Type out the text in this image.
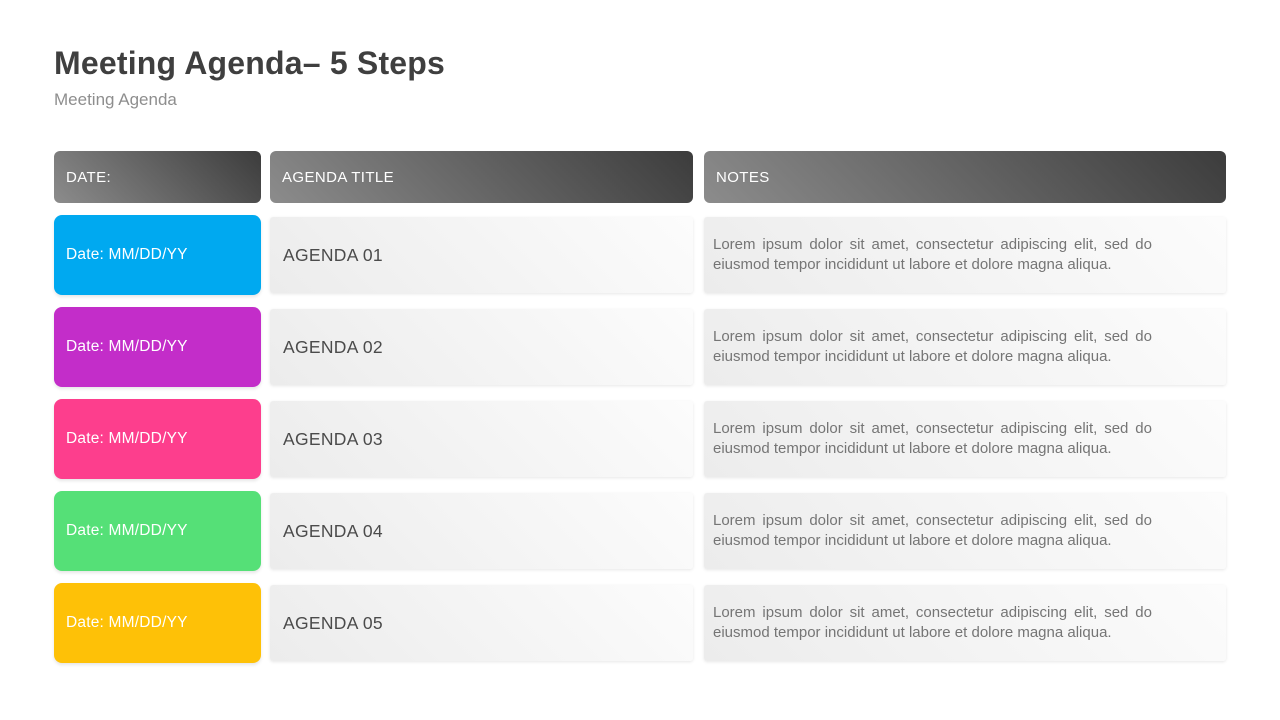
Meeting Agenda– 5 Steps

Meeting Agenda

DATE:	AGENDA TITLE	NOTES
Date: MM/DD/YY	AGENDA 01	Lorem ipsum dolor sit amet, consectetur adipiscing elit, sed do eiusmod tempor incididunt ut labore et dolore magna aliqua.
Date: MM/DD/YY	AGENDA 02	Lorem ipsum dolor sit amet, consectetur adipiscing elit, sed do eiusmod tempor incididunt ut labore et dolore magna aliqua.
Date: MM/DD/YY	AGENDA 03	Lorem ipsum dolor sit amet, consectetur adipiscing elit, sed do eiusmod tempor incididunt ut labore et dolore magna aliqua.
Date: MM/DD/YY	AGENDA 04	Lorem ipsum dolor sit amet, consectetur adipiscing elit, sed do eiusmod tempor incididunt ut labore et dolore magna aliqua.
Date: MM/DD/YY	AGENDA 05	Lorem ipsum dolor sit amet, consectetur adipiscing elit, sed do eiusmod tempor incididunt ut labore et dolore magna aliqua.
